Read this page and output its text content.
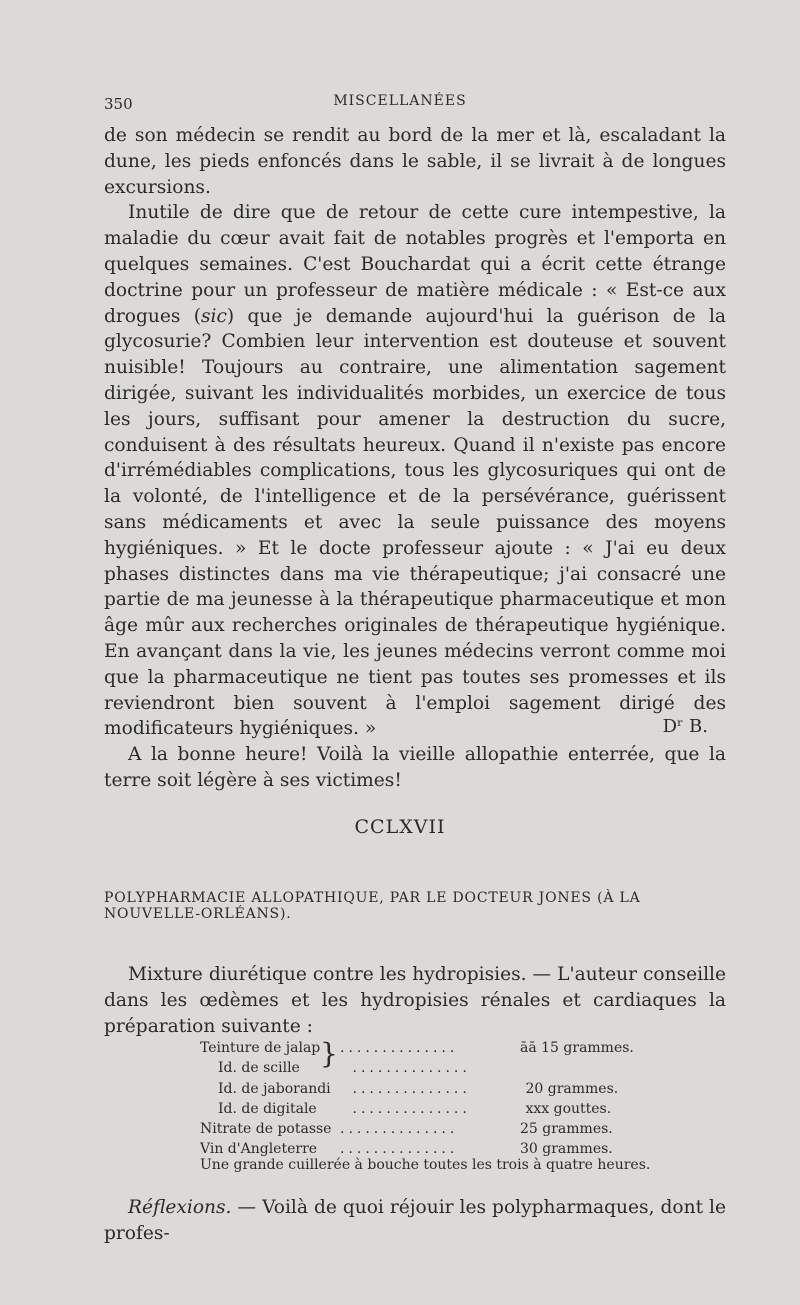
350	MISCELLANÉES

de son médecin se rendit au bord de la mer et là, escaladant la dune, les pieds enfoncés dans le sable, il se livrait à de longues excursions.

Inutile de dire que de retour de cette cure intempestive, la maladie du cœur avait fait de notables progrès et l'emporta en quelques semaines. C'est Bouchardat qui a écrit cette étrange doctrine pour un professeur de matière médicale : « Est-ce aux drogues (sic) que je demande aujourd'hui la guérison de la glycosurie? Combien leur intervention est douteuse et souvent nuisible! Toujours au contraire, une alimentation sagement dirigée, suivant les individualités morbides, un exercice de tous les jours, suffisant pour amener la destruction du sucre, conduisent à des résultats heureux. Quand il n'existe pas encore d'irrémédiables complications, tous les glycosuriques qui ont de la volonté, de l'intelligence et de la persévérance, guérissent sans médicaments et avec la seule puissance des moyens hygiéniques. » Et le docte professeur ajoute : « J'ai eu deux phases distinctes dans ma vie thérapeutique; j'ai consacré une partie de ma jeunesse à la thérapeutique pharmaceutique et mon âge mûr aux recherches originales de thérapeutique hygiénique. En avançant dans la vie, les jeunes médecins verront comme moi que la pharmaceutique ne tient pas toutes ses promesses et ils reviendront bien souvent à l'emploi sagement dirigé des modificateurs hygiéniques. »

A la bonne heure! Voilà la vieille allopathie enterrée, que la terre soit légère à ses victimes!

Dʳ B.
CCLXVII
POLYPHARMACIE ALLOPATHIQUE, PAR LE DOCTEUR JONES (À LA NOUVELLE-ORLÉANS).

Mixture diurétique contre les hydropisies. — L'auteur conseille dans les œdèmes et les hydropisies rénales et cardiaques la préparation suivante :

Teinture de jalap	..............	āā 15 grammes.
Id. de scille	..............
Id. de jaborandi	..............	20 grammes.
Id. de digitale	..............	xxx gouttes.
Nitrate de potasse ..............	25 grammes.
Vin d'Angleterre	..............	30 grammes.
}
Une grande cuillerée à bouche toutes les trois à quatre heures.

Réflexions. — Voilà de quoi réjouir les polypharmaques, dont le profes-
